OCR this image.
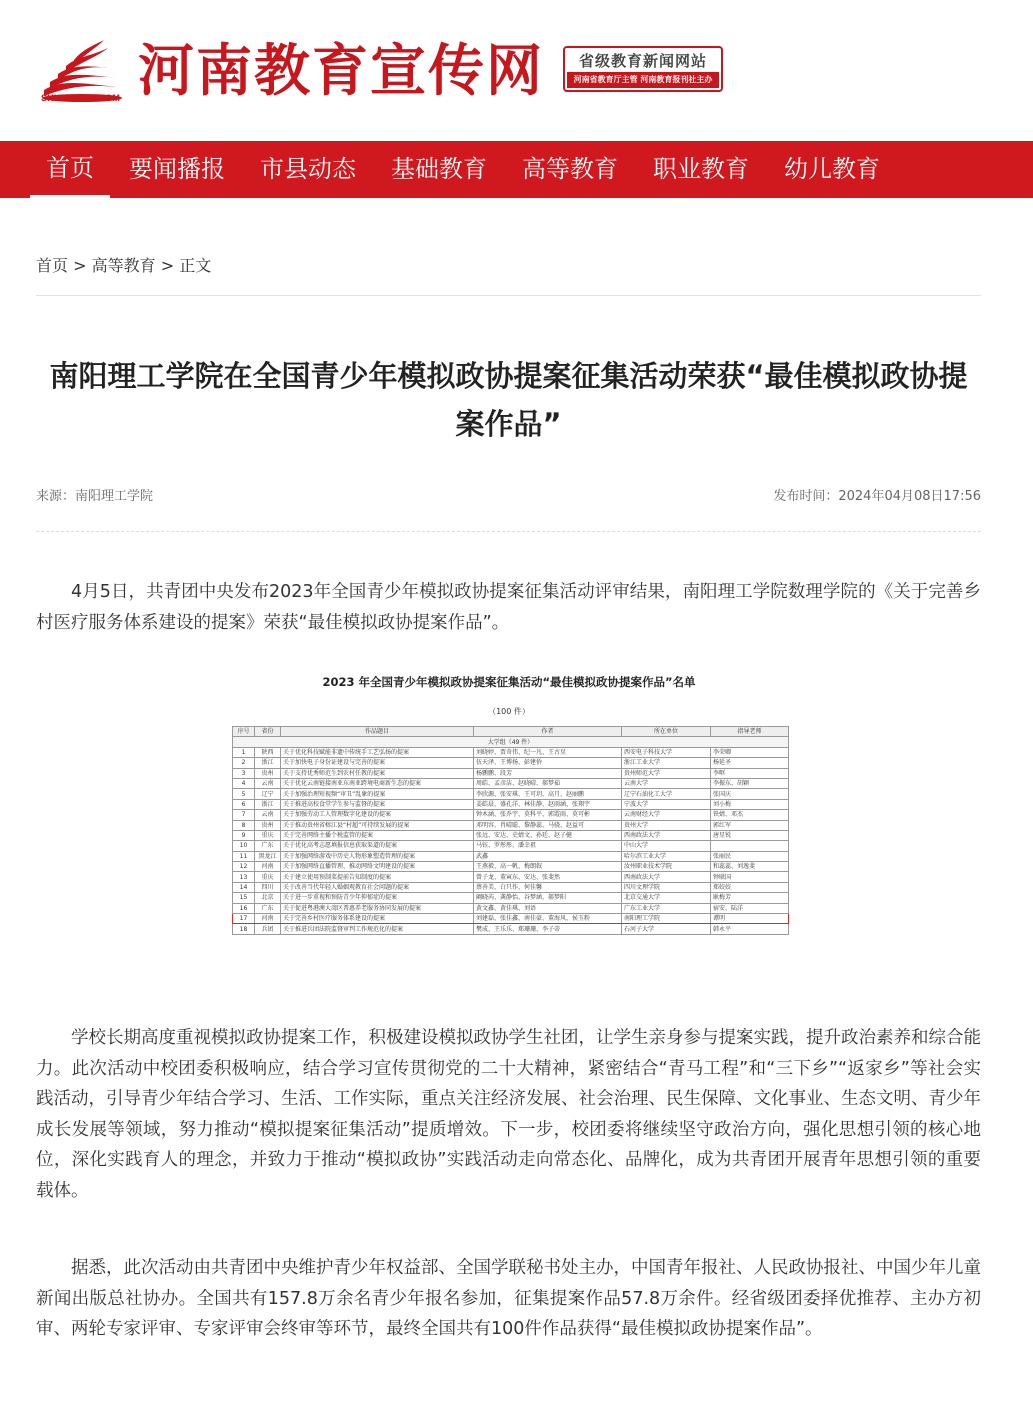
SHUREN100.COM 河南教育宣传网	省级教育新闻网站
河南省教育厅主管 河南教育报刊社主办
首页	要闻播报	市县动态	基础教育	高等教育	职业教育	幼儿教育
首页 > 高等教育 > 正文
南阳理工学院在全国青少年模拟政协提案征集活动荣获“最佳模拟政协提案作品”
来源：南阳理工学院	发布时间：2024年04月08日17:56

4月5日，共青团中央发布2023年全国青少年模拟政协提案征集活动评审结果，南阳理工学院数理学院的《关于完善乡村医疗服务体系建设的提案》荣获“最佳模拟政协提案作品”。

2023 年全国青少年模拟政协提案征集活动“最佳模拟政协提案作品”名单
（100 件）
序号	省份	作品题目	作者	所在单位	指导老师
大学组（49 件）					
1	陕西	关于优化科技赋能非遗中传统手工艺弘扬的提案	刘晓婷、贾奇伟、纪一凡、王古星	西安电子科技大学	李荣卿
2	浙江	关于加快电子身份证建设与完善的提案	伍天泽、王博扬、彭建侨	浙江工业大学	杨延圣
3	贵州	关于支持优秀师范生到农村任教的提案	杨鹏鹏、段芳	贵州师范大学	李哐
4	云南	关于优化云南链接南亚东南亚跨境电商新生态的提案	周皓、孟彦洁、赵晓晴、郝梦茹	云南大学	李振东、胡颖
5	辽宁	关于加强治理短视频“审丑”乱象的提案	李欣源、张安琪、王可玥、高月、赵丽鹏	辽宁石油化工大学	张国庆
6	浙江	关于推进高校食堂学生参与监督的提案	姜皓晨、盛孔洋、林佳静、赵雨涵、张翔宇	宁波大学	刘小梅
7	云南	关于加强劳动工人管理数字化建设的提案	钟木涵、张乔宇、莫科平、郭霞雨、莫可彬	云南财经大学	铁婧、邓杰
8	贵州	关于推动贵州省榕江县“村超”可持续发展的提案	邓明容、肖晴聪、黎静蕊、马骁、赵益可	贵州大学	郭红军
9	重庆	关于完善网络主播个税监管的提案	张远、安达、史婧文、孙廷、赵子健	西南政法大学	唐星锐
10	广东	关于优化高考志愿填报信息获取渠道的提案	马钰、罗彤彤、潘幸祖	中山大学	
11	黑龙江	关于加强网络游戏中历史人物形象塑造管理的提案	武鑫	哈尔滨工业大学	张丽民
12	河南	关于加强网络直播管理、推动网络文明建设的提案	王燕毅、高一帆、梅朗叙	汝州职业技术学院	和蕊蕊、刘逸斐
13	重庆	关于建立使用预制菜提前告知制度的提案	曾子龙、董寅东、安达、张斐然	西南政法大学	钟联国
14	四川	关于改善当代年轻人婚姻观教育社会问题的提案	蔡善美、白只作、何佳馨	四川文理学院	郑姣姣
15	北京	关于进一步重视和预防青少年抑郁症的提案	阚晓芮、龚静怡、谷梦涵、郝梦阳	北京交通大学	耿梅芳
16	广东	关于促进粤港澳大湾区普惠养老服务协同发展的提案	黄文鑫、黄佳琪、刘语	广东工业大学	宿安、陆洋
17	河南	关于完善乡村医疗服务体系建设的提案	刘建磊、张佳鑫、南佳豪、董海风、侯玉粉	南阳理工学院	谭明
18	兵团	关于推进兵团法院监督审判工作规范化的提案	樊成、王乐乐、郑珊珊、李子蒂	石河子大学	韩永平

学校长期高度重视模拟政协提案工作，积极建设模拟政协学生社团，让学生亲身参与提案实践，提升政治素养和综合能力。此次活动中校团委积极响应，结合学习宣传贯彻党的二十大精神，紧密结合“青马工程”和“三下乡”“返家乡”等社会实践活动，引导青少年结合学习、生活、工作实际，重点关注经济发展、社会治理、民生保障、文化事业、生态文明、青少年成长发展等领域，努力推动“模拟提案征集活动”提质增效。下一步，校团委将继续坚守政治方向，强化思想引领的核心地位，深化实践育人的理念，并致力于推动“模拟政协”实践活动走向常态化、品牌化，成为共青团开展青年思想引领的重要载体。

据悉，此次活动由共青团中央维护青少年权益部、全国学联秘书处主办，中国青年报社、人民政协报社、中国少年儿童新闻出版总社协办。全国共有157.8万余名青少年报名参加，征集提案作品57.8万余件。经省级团委择优推荐、主办方初审、两轮专家评审、专家评审会终审等环节，最终全国共有100件作品获得“最佳模拟政协提案作品”。
